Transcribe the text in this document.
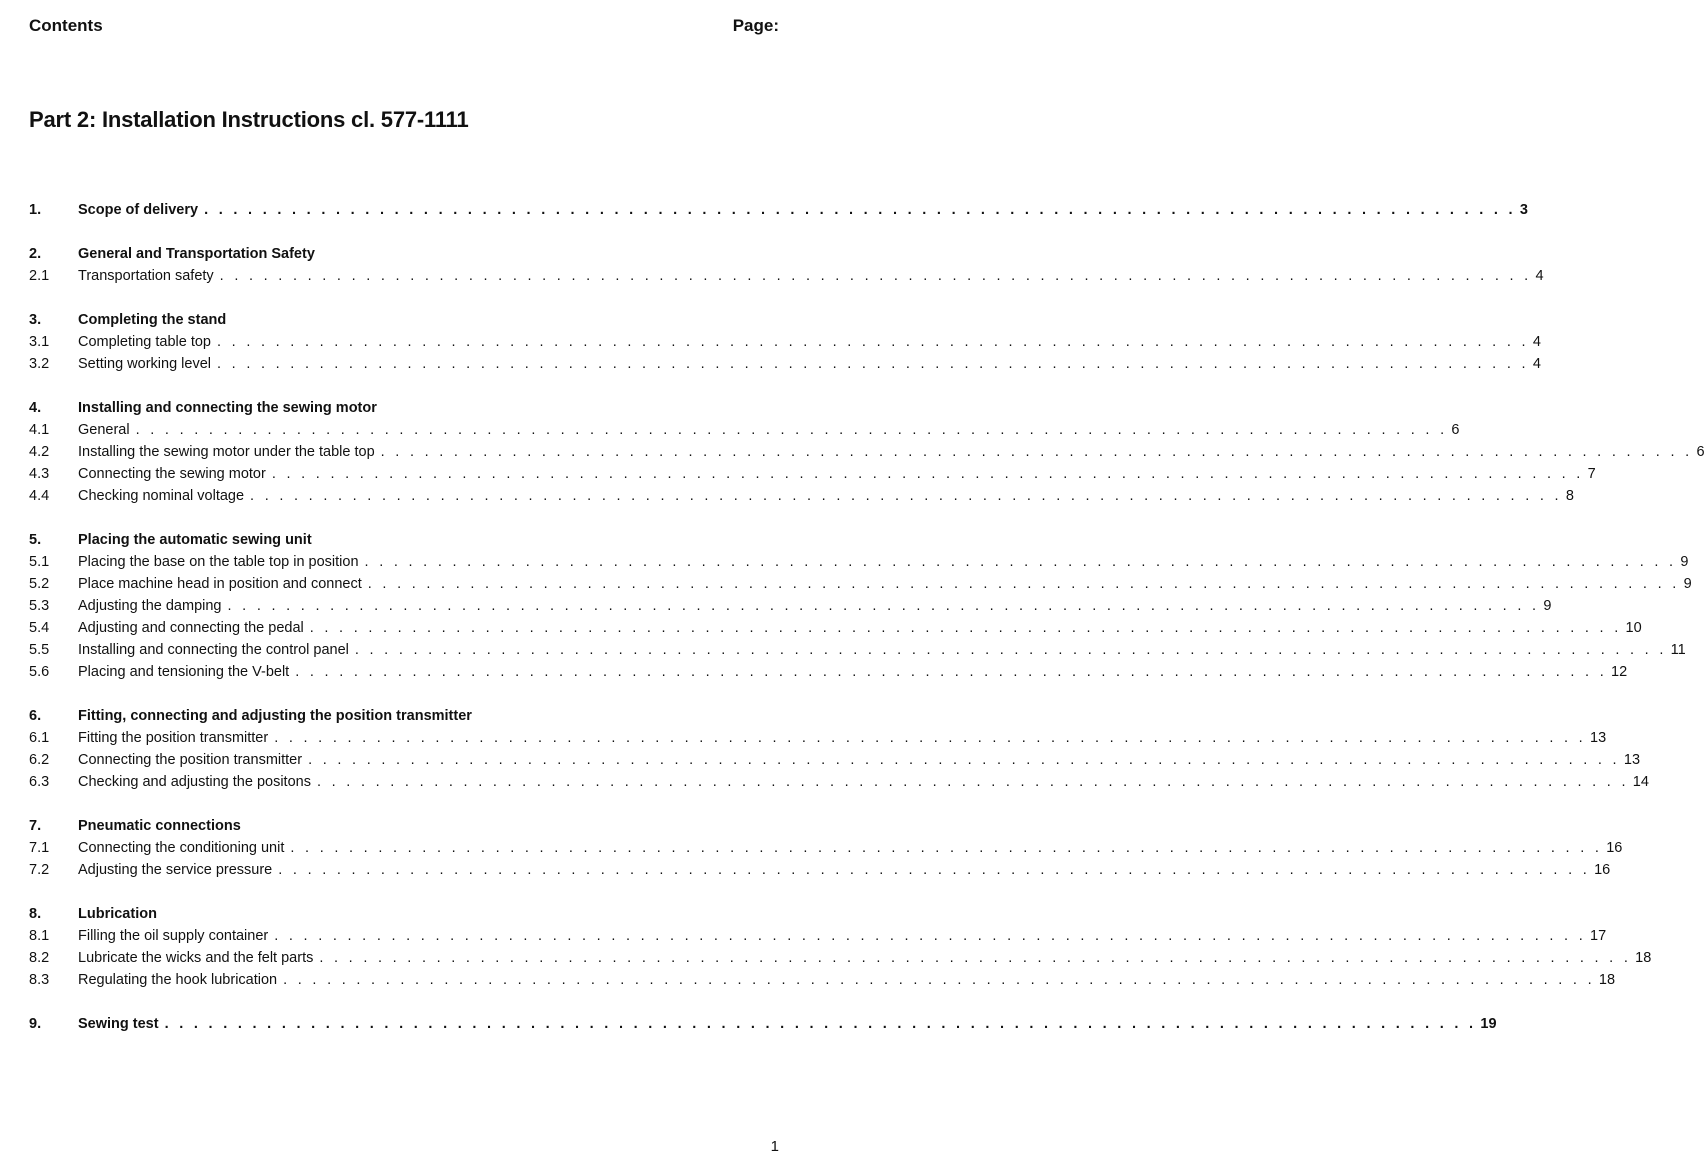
Contents	Page:
Part 2: Installation Instructions cl. 577-1111
1.	Scope of delivery . . . . . . . . . . . . . . . . . . . . . . . . . . . . . . . . . . . . . . . . . . . . . . . . . . . . . . . . . . . . . . . . . . . . . . . . . . . . . . . . . . . . . . . . . . 3
2.	General and Transportation Safety
2.1	Transportation safety . . . . . . . . . . . . . . . . . . . . . . . . . . . . . . . . . . . . . . . . . . . . . . . . . . . . . . . . . . . . . . . . . . . . . . . . . . . . . . . . . . . . . . . . . . 4
3.	Completing the stand
3.1	Completing table top . . . . . . . . . . . . . . . . . . . . . . . . . . . . . . . . . . . . . . . . . . . . . . . . . . . . . . . . . . . . . . . . . . . . . . . . . . . . . . . . . . . . . . . . . . 4
3.2	Setting working level . . . . . . . . . . . . . . . . . . . . . . . . . . . . . . . . . . . . . . . . . . . . . . . . . . . . . . . . . . . . . . . . . . . . . . . . . . . . . . . . . . . . . . . . . . 4
4.	Installing and connecting the sewing motor
4.1	General . . . . . . . . . . . . . . . . . . . . . . . . . . . . . . . . . . . . . . . . . . . . . . . . . . . . . . . . . . . . . . . . . . . . . . . . . . . . . . . . . . . . . . . . . . 6
4.2	Installing the sewing motor under the table top . . . . . . . . . . . . . . . . . . . . . . . . . . . . . . . . . . . . . . . . . . . . . . . . . . . . . . . . . . . . . . . . . . . . . . . . . . . . . . . . . . . . . . . . . . 6
4.3	Connecting the sewing motor . . . . . . . . . . . . . . . . . . . . . . . . . . . . . . . . . . . . . . . . . . . . . . . . . . . . . . . . . . . . . . . . . . . . . . . . . . . . . . . . . . . . . . . . . . 7
4.4	Checking nominal voltage . . . . . . . . . . . . . . . . . . . . . . . . . . . . . . . . . . . . . . . . . . . . . . . . . . . . . . . . . . . . . . . . . . . . . . . . . . . . . . . . . . . . . . . . . . 8
5.	Placing the automatic sewing unit
5.1	Placing the base on the table top in position . . . . . . . . . . . . . . . . . . . . . . . . . . . . . . . . . . . . . . . . . . . . . . . . . . . . . . . . . . . . . . . . . . . . . . . . . . . . . . . . . . . . . . . . . . 9
5.2	Place machine head in position and connect . . . . . . . . . . . . . . . . . . . . . . . . . . . . . . . . . . . . . . . . . . . . . . . . . . . . . . . . . . . . . . . . . . . . . . . . . . . . . . . . . . . . . . . . . . 9
5.3	Adjusting the damping . . . . . . . . . . . . . . . . . . . . . . . . . . . . . . . . . . . . . . . . . . . . . . . . . . . . . . . . . . . . . . . . . . . . . . . . . . . . . . . . . . . . . . . . . . 9
5.4	Adjusting and connecting the pedal . . . . . . . . . . . . . . . . . . . . . . . . . . . . . . . . . . . . . . . . . . . . . . . . . . . . . . . . . . . . . . . . . . . . . . . . . . . . . . . . . . . . . . . . . . 10
5.5	Installing and connecting the control panel . . . . . . . . . . . . . . . . . . . . . . . . . . . . . . . . . . . . . . . . . . . . . . . . . . . . . . . . . . . . . . . . . . . . . . . . . . . . . . . . . . . . . . . . . . 11
5.6	Placing and tensioning the V-belt . . . . . . . . . . . . . . . . . . . . . . . . . . . . . . . . . . . . . . . . . . . . . . . . . . . . . . . . . . . . . . . . . . . . . . . . . . . . . . . . . . . . . . . . . . 12
6.	Fitting, connecting and adjusting the position transmitter
6.1	Fitting the position transmitter . . . . . . . . . . . . . . . . . . . . . . . . . . . . . . . . . . . . . . . . . . . . . . . . . . . . . . . . . . . . . . . . . . . . . . . . . . . . . . . . . . . . . . . . . . 13
6.2	Connecting the position transmitter . . . . . . . . . . . . . . . . . . . . . . . . . . . . . . . . . . . . . . . . . . . . . . . . . . . . . . . . . . . . . . . . . . . . . . . . . . . . . . . . . . . . . . . . . . 13
6.3	Checking and adjusting the positons . . . . . . . . . . . . . . . . . . . . . . . . . . . . . . . . . . . . . . . . . . . . . . . . . . . . . . . . . . . . . . . . . . . . . . . . . . . . . . . . . . . . . . . . . . 14
7.	Pneumatic connections
7.1	Connecting the conditioning unit . . . . . . . . . . . . . . . . . . . . . . . . . . . . . . . . . . . . . . . . . . . . . . . . . . . . . . . . . . . . . . . . . . . . . . . . . . . . . . . . . . . . . . . . . . 16
7.2	Adjusting the service pressure . . . . . . . . . . . . . . . . . . . . . . . . . . . . . . . . . . . . . . . . . . . . . . . . . . . . . . . . . . . . . . . . . . . . . . . . . . . . . . . . . . . . . . . . . . 16
8.	Lubrication
8.1	Filling the oil supply container . . . . . . . . . . . . . . . . . . . . . . . . . . . . . . . . . . . . . . . . . . . . . . . . . . . . . . . . . . . . . . . . . . . . . . . . . . . . . . . . . . . . . . . . . . 17
8.2	Lubricate the wicks and the felt parts . . . . . . . . . . . . . . . . . . . . . . . . . . . . . . . . . . . . . . . . . . . . . . . . . . . . . . . . . . . . . . . . . . . . . . . . . . . . . . . . . . . . . . . . . . 18
8.3	Regulating the hook lubrication . . . . . . . . . . . . . . . . . . . . . . . . . . . . . . . . . . . . . . . . . . . . . . . . . . . . . . . . . . . . . . . . . . . . . . . . . . . . . . . . . . . . . . . . . . 18
9.	Sewing test . . . . . . . . . . . . . . . . . . . . . . . . . . . . . . . . . . . . . . . . . . . . . . . . . . . . . . . . . . . . . . . . . . . . . . . . . . . . . . . . . . . . . . . . . . 19
1
